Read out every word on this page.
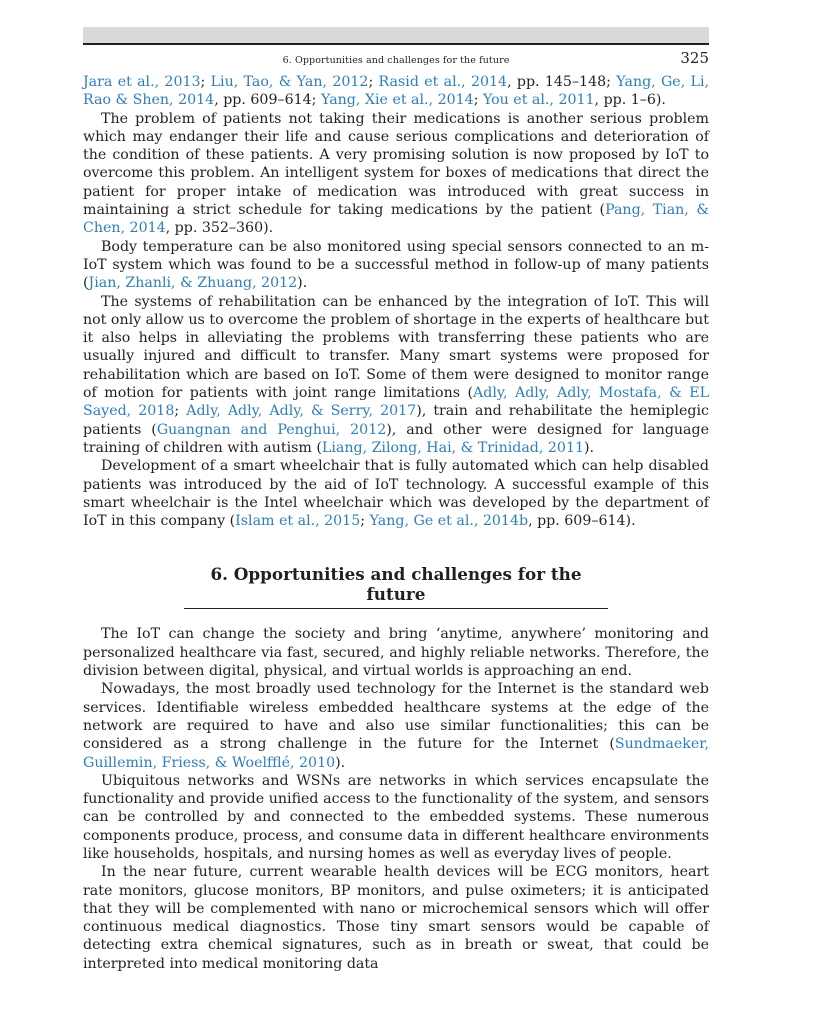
6. Opportunities and challenges for the future	325

Jara et al., 2013; Liu, Tao, & Yan, 2012; Rasid et al., 2014, pp. 145–148; Yang, Ge, Li, Rao & Shen, 2014, pp. 609–614; Yang, Xie et al., 2014; You et al., 2011, pp. 1–6).

The problem of patients not taking their medications is another serious problem which may endanger their life and cause serious complications and deterioration of the condition of these patients. A very promising solution is now proposed by IoT to overcome this problem. An intelligent system for boxes of medications that direct the patient for proper intake of medication was introduced with great success in maintaining a strict schedule for taking medications by the patient (Pang, Tian, & Chen, 2014, pp. 352–360).

Body temperature can be also monitored using special sensors connected to an m-IoT system which was found to be a successful method in follow-up of many patients (Jian, Zhanli, & Zhuang, 2012).

The systems of rehabilitation can be enhanced by the integration of IoT. This will not only allow us to overcome the problem of shortage in the experts of healthcare but it also helps in alleviating the problems with transferring these patients who are usually injured and difficult to transfer. Many smart systems were proposed for rehabilitation which are based on IoT. Some of them were designed to monitor range of motion for patients with joint range limitations (Adly, Adly, Adly, Mostafa, & EL Sayed, 2018; Adly, Adly, Adly, & Serry, 2017), train and rehabilitate the hemiplegic patients (Guangnan and Penghui, 2012), and other were designed for language training of children with autism (Liang, Zilong, Hai, & Trinidad, 2011).

Development of a smart wheelchair that is fully automated which can help disabled patients was introduced by the aid of IoT technology. A successful example of this smart wheelchair is the Intel wheelchair which was developed by the department of IoT in this company (Islam et al., 2015; Yang, Ge et al., 2014b, pp. 609–614).

6. Opportunities and challenges for the future

The IoT can change the society and bring ‘anytime, anywhere’ monitoring and personalized healthcare via fast, secured, and highly reliable networks. Therefore, the division between digital, physical, and virtual worlds is approaching an end.

Nowadays, the most broadly used technology for the Internet is the standard web services. Identifiable wireless embedded healthcare systems at the edge of the network are required to have and also use similar functionalities; this can be considered as a strong challenge in the future for the Internet (Sundmaeker, Guillemin, Friess, & Woelfflé, 2010).

Ubiquitous networks and WSNs are networks in which services encapsulate the functionality and provide unified access to the functionality of the system, and sensors can be controlled by and connected to the embedded systems. These numerous components produce, process, and consume data in different healthcare environments like households, hospitals, and nursing homes as well as everyday lives of people.

In the near future, current wearable health devices will be ECG monitors, heart rate monitors, glucose monitors, BP monitors, and pulse oximeters; it is anticipated that they will be complemented with nano or microchemical sensors which will offer continuous medical diagnostics. Those tiny smart sensors would be capable of detecting extra chemical signatures, such as in breath or sweat, that could be interpreted into medical monitoring data
